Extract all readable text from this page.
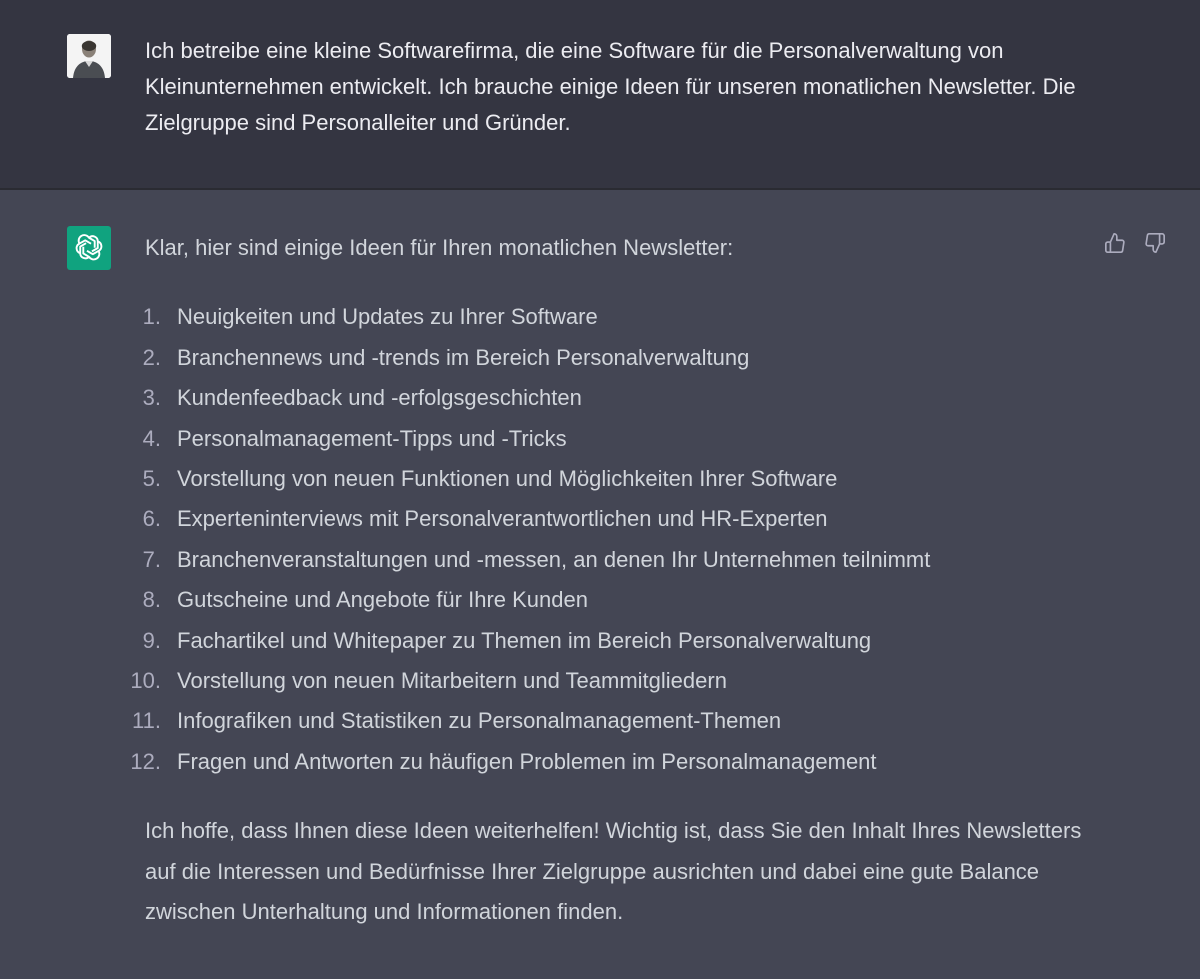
Ich betreibe eine kleine Softwarefirma, die eine Software für die Personalverwaltung von Kleinunternehmen entwickelt. Ich brauche einige Ideen für unseren monatlichen Newsletter. Die Zielgruppe sind Personalleiter und Gründer.

Klar, hier sind einige Ideen für Ihren monatlichen Newsletter:

1. Neuigkeiten und Updates zu Ihrer Software
2. Branchennews und -trends im Bereich Personalverwaltung
3. Kundenfeedback und -erfolgsgeschichten
4. Personalmanagement-Tipps und -Tricks
5. Vorstellung von neuen Funktionen und Möglichkeiten Ihrer Software
6. Experteninterviews mit Personalverantwortlichen und HR-Experten
7. Branchenveranstaltungen und -messen, an denen Ihr Unternehmen teilnimmt
8. Gutscheine und Angebote für Ihre Kunden
9. Fachartikel und Whitepaper zu Themen im Bereich Personalverwaltung
10. Vorstellung von neuen Mitarbeitern und Teammitgliedern
11. Infografiken und Statistiken zu Personalmanagement-Themen
12. Fragen und Antworten zu häufigen Problemen im Personalmanagement

Ich hoffe, dass Ihnen diese Ideen weiterhelfen! Wichtig ist, dass Sie den Inhalt Ihres Newsletters auf die Interessen und Bedürfnisse Ihrer Zielgruppe ausrichten und dabei eine gute Balance zwischen Unterhaltung und Informationen finden.
